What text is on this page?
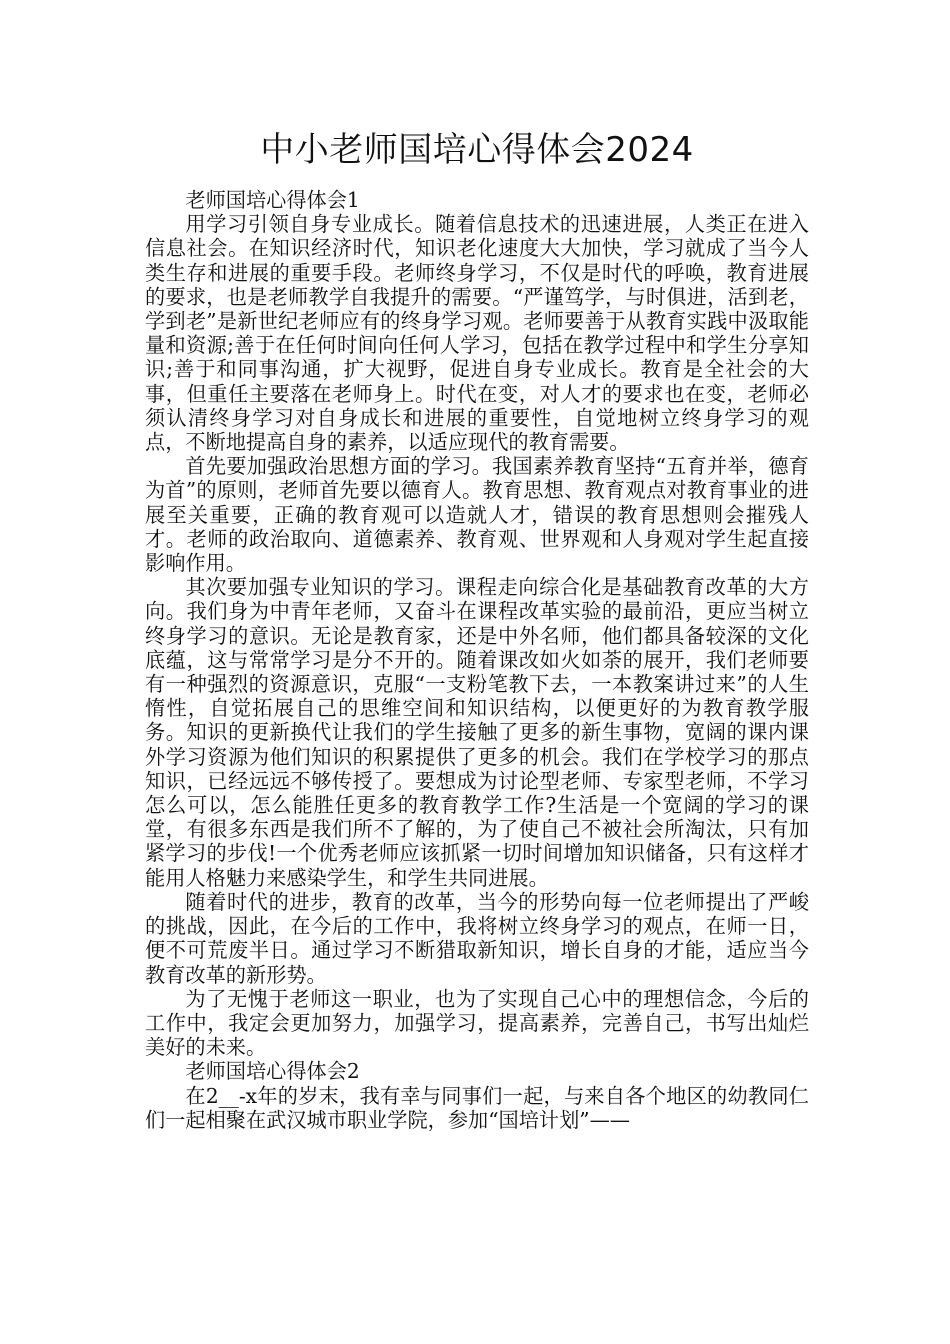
中小老师国培心得体会2024

老师国培心得体会1

用学习引领自身专业成长。随着信息技术的迅速进展，人类正在进入信息社会。在知识经济时代，知识老化速度大大加快，学习就成了当今人类生存和进展的重要手段。老师终身学习，不仅是时代的呼唤，教育进展的要求，也是老师教学自我提升的需要。“严谨笃学，与时俱进，活到老，学到老”是新世纪老师应有的终身学习观。老师要善于从教育实践中汲取能量和资源;善于在任何时间向任何人学习，包括在教学过程中和学生分享知识;善于和同事沟通，扩大视野，促进自身专业成长。教育是全社会的大事，但重任主要落在老师身上。时代在变，对人才的要求也在变，老师必须认清终身学习对自身成长和进展的重要性，自觉地树立终身学习的观点，不断地提高自身的素养，以适应现代的教育需要。

首先要加强政治思想方面的学习。我国素养教育坚持“五育并举，德育为首”的原则，老师首先要以德育人。教育思想、教育观点对教育事业的进展至关重要，正确的教育观可以造就人才，错误的教育思想则会摧残人才。老师的政治取向、道德素养、教育观、世界观和人身观对学生起直接影响作用。

其次要加强专业知识的学习。课程走向综合化是基础教育改革的大方向。我们身为中青年老师，又奋斗在课程改革实验的最前沿，更应当树立终身学习的意识。无论是教育家，还是中外名师，他们都具备较深的文化底蕴，这与常常学习是分不开的。随着课改如火如荼的展开，我们老师要有一种强烈的资源意识，克服“一支粉笔教下去，一本教案讲过来”的人生惰性，自觉拓展自己的思维空间和知识结构，以便更好的为教育教学服务。知识的更新换代让我们的学生接触了更多的新生事物，宽阔的课内课外学习资源为他们知识的积累提供了更多的机会。我们在学校学习的那点知识，已经远远不够传授了。要想成为讨论型老师、专家型老师，不学习怎么可以，怎么能胜任更多的教育教学工作?生活是一个宽阔的学习的课堂，有很多东西是我们所不了解的，为了使自己不被社会所淘汰，只有加紧学习的步伐!一个优秀老师应该抓紧一切时间增加知识储备，只有这样才能用人格魅力来感染学生，和学生共同进展。

随着时代的进步，教育的改革，当今的形势向每一位老师提出了严峻的挑战，因此，在今后的工作中，我将树立终身学习的观点，在师一日，便不可荒废半日。通过学习不断猎取新知识，增长自身的才能，适应当今教育改革的新形势。

为了无愧于老师这一职业，也为了实现自己心中的理想信念，今后的工作中，我定会更加努力，加强学习，提高素养，完善自己，书写出灿烂美好的未来。

老师国培心得体会2

在2__-x年的岁末，我有幸与同事们一起，与来自各个地区的幼教同仁们一起相聚在武汉城市职业学院，参加“国培计划”——
